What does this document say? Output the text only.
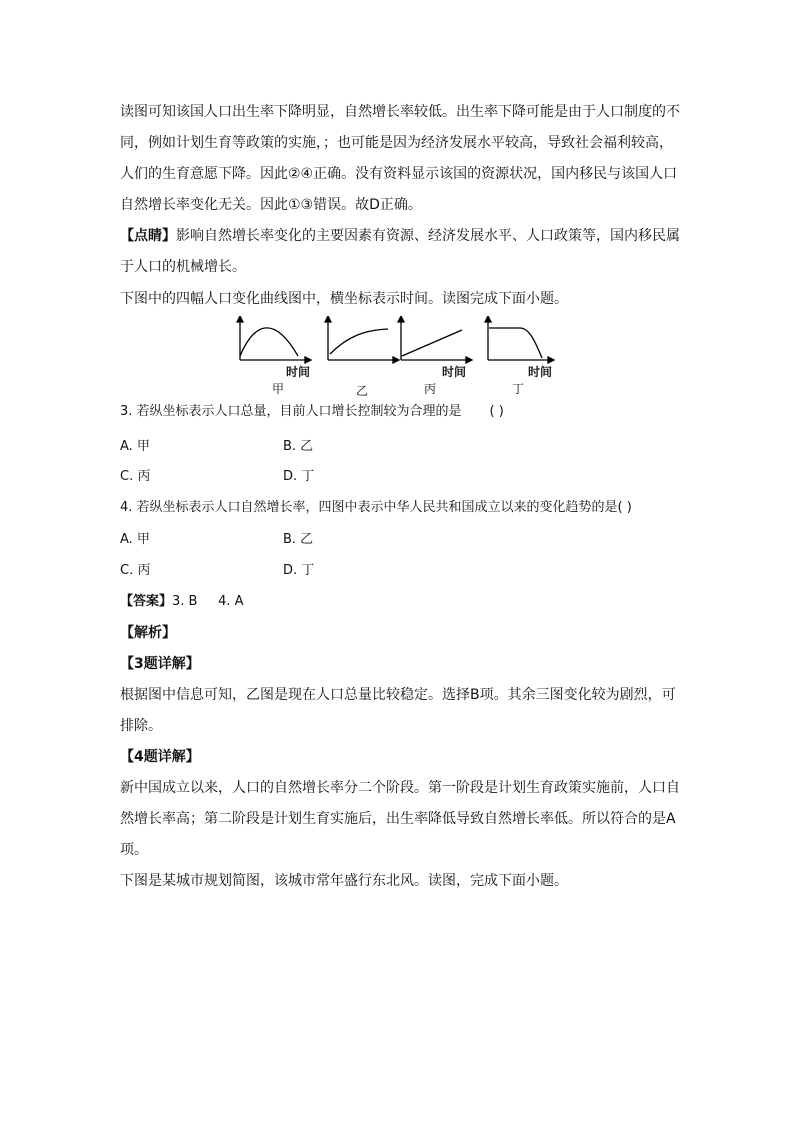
读图可知该国人口出生率下降明显，自然增长率较低。出生率下降可能是由于人口制度的不
同，例如计划生育等政策的实施，；也可能是因为经济发展水平较高，导致社会福利较高，
人们的生育意愿下降。因此②④正确。没有资料显示该国的资源状况，国内移民与该国人口
自然增长率变化无关。因此①③错误。故D正确。
【点睛】影响自然增长率变化的主要因素有资源、经济发展水平、人口政策等，国内移民属
于人口的机械增长。
下图中的四幅人口变化曲线图中，横坐标表示时间。读图完成下面小题。
时间	时间	时间
甲	乙	丙	丁
3. 若纵坐标表示人口总量，目前人口增长控制较为合理的是 ( )
A. 甲	B. 乙
C. 丙	D. 丁
4. 若纵坐标表示人口自然增长率，四图中表示中华人民共和国成立以来的变化趋势的是( )
A. 甲	B. 乙
C. 丙	D. 丁
【答案】3. B     4. A
【解析】
【3题详解】
根据图中信息可知，乙图是现在人口总量比较稳定。选择B项。其余三图变化较为剧烈，可
排除。
【4题详解】
新中国成立以来，人口的自然增长率分二个阶段。第一阶段是计划生育政策实施前，人口自
然增长率高；第二阶段是计划生育实施后，出生率降低导致自然增长率低。所以符合的是A
项。
下图是某城市规划简图，该城市常年盛行东北风。读图，完成下面小题。
